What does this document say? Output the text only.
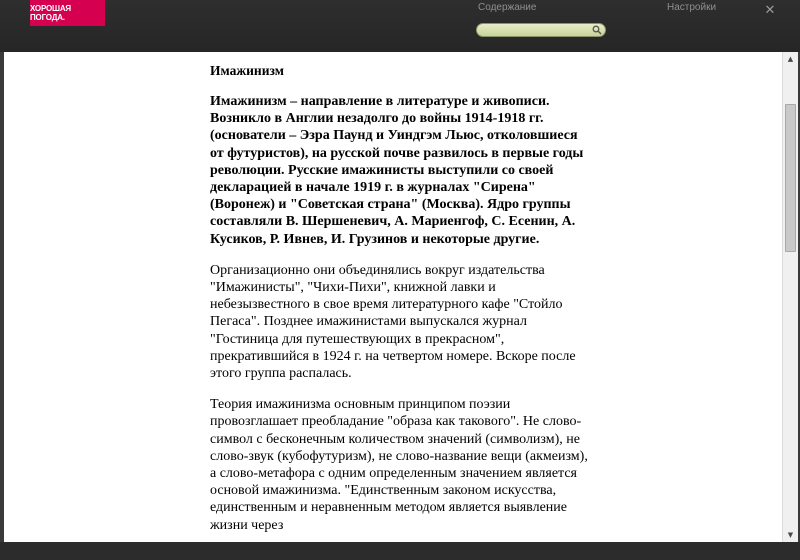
ХОРОШАЯ ПОГОДА.
Содержание	Настройки	✕
Имажинизм

Имажинизм – направление в литературе и живописи. Возникло в Англии незадолго до войны 1914-1918 гг. (основатели – Эзра Паунд и Уиндгэм Льюс, отколовшиеся от футуристов), на русской почве развилось в первые годы революции. Русские имажинисты выступили со своей декларацией в начале 1919 г. в журналах "Сирена" (Воронеж) и "Советская страна" (Москва). Ядро группы составляли В. Шершеневич, А. Мариенгоф, С. Есенин, А. Кусиков, Р. Ивнев, И. Грузинов и некоторые другие.

Организационно они объединялись вокруг издательства "Имажинисты", "Чихи-Пихи", книжной лавки и небезызвестного в свое время литературного кафе "Стойло Пегаса". Позднее имажинистами выпускался журнал "Гостиница для путешествующих в прекрасном", прекратившийся в 1924 г. на четвертом номере. Вскоре после этого группа распалась.

Теория имажинизма основным принципом поэзии провозглашает преобладание "образа как такового". Не слово-символ с бесконечным количеством значений (символизм), не слово-звук (кубофутуризм), не слово-название вещи (акмеизм), а слово-метафора с одним определенным значением является основой имажинизма. "Единственным законом искусства, единственным и неравненным методом является выявление жизни через

▲
▼
